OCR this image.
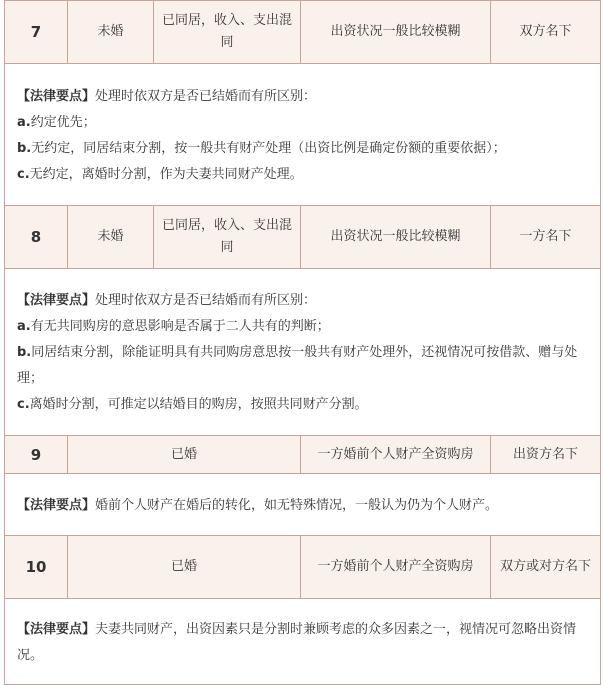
7	未婚	已同居，收入、支出混同	出资状况一般比较模糊	双方名下

【法律要点】处理时依双方是否已结婚而有所区别：

a.约定优先；

b.无约定，同居结束分割，按一般共有财产处理（出资比例是确定份额的重要依据）；

c.无约定，离婚时分割，作为夫妻共同财产处理。				

8	未婚	已同居，收入、支出混同	出资状况一般比较模糊	一方名下

【法律要点】处理时依双方是否已结婚而有所区别：

a.有无共同购房的意思影响是否属于二人共有的判断；

b.同居结束分割，除能证明具有共同购房意思按一般共有财产处理外，还视情况可按借款、赠与处理；

c.离婚时分割，可推定以结婚目的购房，按照共同财产分割。				

9	已婚		一方婚前个人财产全资购房	出资方名下

【法律要点】婚前个人财产在婚后的转化，如无特殊情况，一般认为仍为个人财产。				

10	已婚		一方婚前个人财产全资购房	双方或对方名下

【法律要点】夫妻共同财产，出资因素只是分割时兼顾考虑的众多因素之一，视情况可忽略出资情况。				
